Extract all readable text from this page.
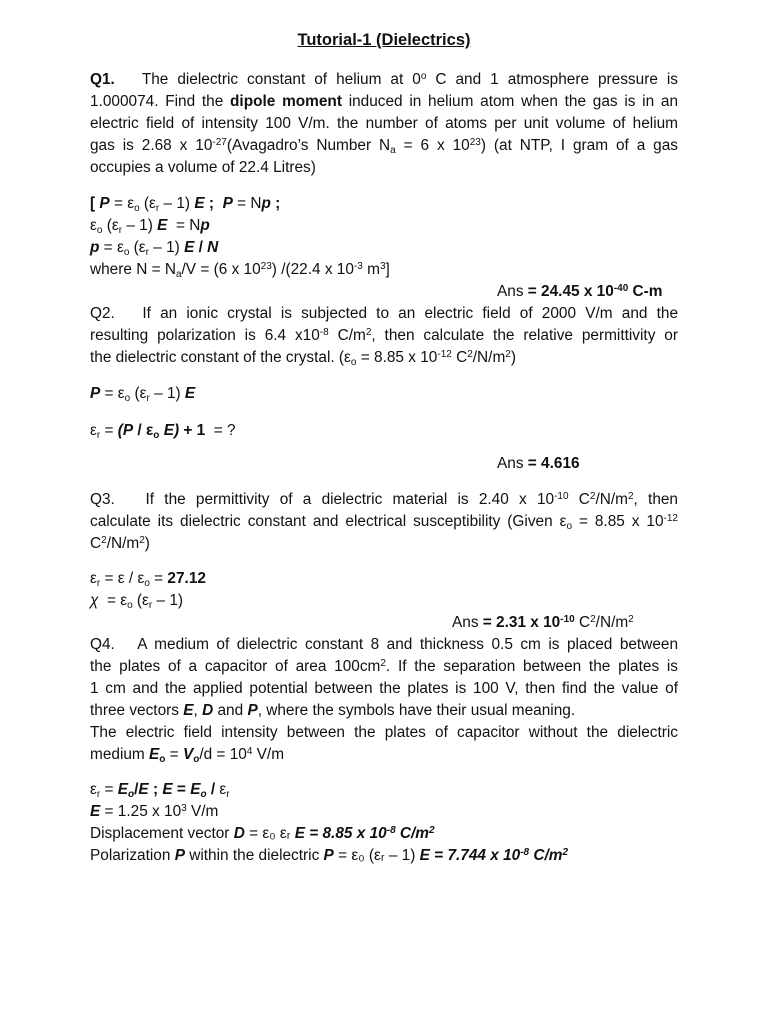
Tutorial-1 (Dielectrics)
Q1. The dielectric constant of helium at 0$^o$ C and 1 atmosphere pressure is
1.000074. Find the dipole moment induced in helium atom when the gas is in an
electric field of intensity 100 V/m. the number of atoms per unit volume of helium
gas is 2.68 x $10^{-27}(Avagadro’s$ Number $N_a = 6$ x $10^{23}$) (at NTP, I gram of a gas
occupies a volume of 22.4 Litres)
[ $P = \varepsilon_o$ $(\varepsilon_r - 1)$ E ;  P = Np ;
$\varepsilon_o$ $(\varepsilon_r - 1) E = Np$
$p = \varepsilon_o$ $(\varepsilon_r - 1)$ E / N
where $N = N_a/V = (6$ x $10^{23}$) /(22.4 x $10^{-3}$ $m^3$]
Ans = 24.45 x $10^{-40}$ C-m
Q2. If an ionic crystal is subjected to an electric field of 2000 V/m and the
resulting polarization is 6.4 $x10^{-8}$ $C/m^2$, then calculate the relative permittivity or
the dielectric constant of the crystal. ($\varepsilon_o = 8.85$ x $10^{-12}$ $C^2/N/m^2$)
$P = \varepsilon_o$ $(\varepsilon_r - 1)$ E
$\varepsilon_r = (P / \varepsilon_o$ E) + 1  = ?
Ans = 4.616
Q3. If the permittivity of a dielectric material is 2.40 x $10^{-10}$ $C^2/N/m^2$, then
calculate its dielectric constant and electrical susceptibility (Given $\varepsilon_o = 8.85$ x $10^{-12}$
$C^2/N/m^2$)
$\varepsilon_r = \varepsilon / \varepsilon_o = 27.12$
$\chi = \varepsilon_o$ $(\varepsilon_r - 1)$
Ans = 2.31 x $10^{-10}$ $C^2/N/m^2$
Q4. A medium of dielectric constant 8 and thickness 0.5 cm is placed between
the plates of a capacitor of area $100cm^2$. If the separation between the plates is
1 cm and the applied potential between the plates is 100 V, then find the value of
three vectors E, D and P, where the symbols have their usual meaning.
The electric field intensity between the plates of capacitor without the dielectric
medium $E_o = V_o/d = 10^4$ V/m
$\varepsilon_r = E_o/E$ ; $E = E_o / \varepsilon_r$
E = 1.25 x $10^3$ V/m
Displacement vector D = ε₀ εᵣ E = 8.85 x $10^{-8}$ $C/m^2$
Polarization P within the dielectric P = ε₀ (εᵣ – 1) E = 7.744 x $10^{-8}$ $C/m^2$
